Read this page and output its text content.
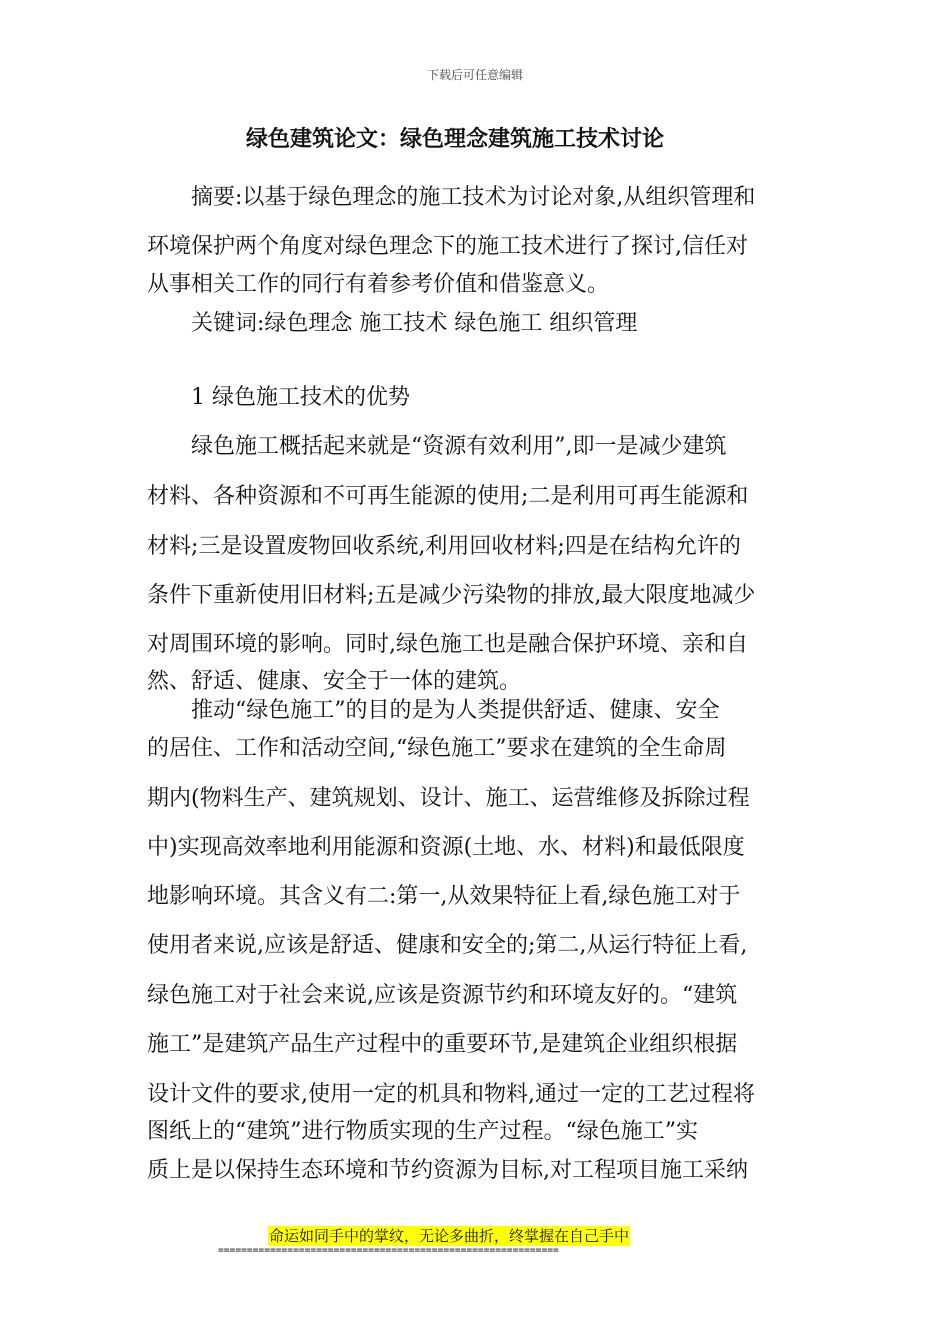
下载后可任意编辑
绿色建筑论文：绿色理念建筑施工技术讨论
摘要:以基于绿色理念的施工技术为讨论对象,从组织管理和
环境保护两个角度对绿色理念下的施工技术进行了探讨,信任对
从事相关工作的同行有着参考价值和借鉴意义。
关键词:绿色理念 施工技术 绿色施工 组织管理
1 绿色施工技术的优势
绿色施工概括起来就是“资源有效利用”,即一是减少建筑
材料、各种资源和不可再生能源的使用;二是利用可再生能源和
材料;三是设置废物回收系统,利用回收材料;四是在结构允许的
条件下重新使用旧材料;五是减少污染物的排放,最大限度地减少
对周围环境的影响。同时,绿色施工也是融合保护环境、亲和自
然、舒适、健康、安全于一体的建筑。
推动“绿色施工”的目的是为人类提供舒适、健康、安全
的居住、工作和活动空间,“绿色施工”要求在建筑的全生命周
期内(物料生产、建筑规划、设计、施工、运营维修及拆除过程
中)实现高效率地利用能源和资源(土地、水、材料)和最低限度
地影响环境。其含义有二:第一,从效果特征上看,绿色施工对于
使用者来说,应该是舒适、健康和安全的;第二,从运行特征上看,
绿色施工对于社会来说,应该是资源节约和环境友好的。“建筑
施工”是建筑产品生产过程中的重要环节,是建筑企业组织根据
设计文件的要求,使用一定的机具和物料,通过一定的工艺过程将
图纸上的“建筑”进行物质实现的生产过程。“绿色施工”实
质上是以保持生态环境和节约资源为目标,对工程项目施工采纳
命运如同手中的掌纹，无论多曲折，终掌握在自己手中
===========================================================
